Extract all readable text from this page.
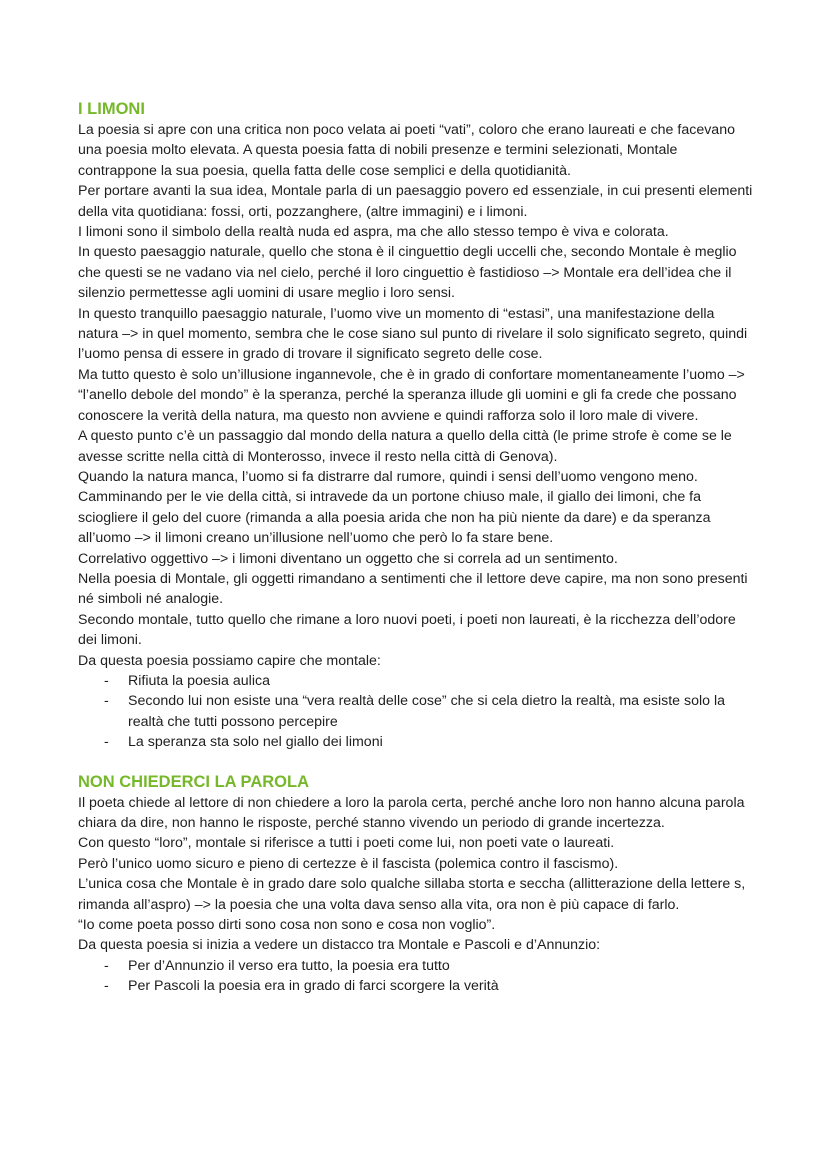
I LIMONI

La poesia si apre con una critica non poco velata ai poeti “vati”, coloro che erano laureati e che facevano una poesia molto elevata. A questa poesia fatta di nobili presenze e termini selezionati, Montale contrappone la sua poesia, quella fatta delle cose semplici e della quotidianità.

Per portare avanti la sua idea, Montale parla di un paesaggio povero ed essenziale, in cui presenti elementi della vita quotidiana: fossi, orti, pozzanghere, (altre immagini) e i limoni.

I limoni sono il simbolo della realtà nuda ed aspra, ma che allo stesso tempo è viva e colorata.

In questo paesaggio naturale, quello che stona è il cinguettio degli uccelli che, secondo Montale è meglio che questi se ne vadano via nel cielo, perché il loro cinguettio è fastidioso –> Montale era dell’idea che il silenzio permettesse agli uomini di usare meglio i loro sensi.

In questo tranquillo paesaggio naturale, l’uomo vive un momento di “estasi”, una manifestazione della natura –> in quel momento, sembra che le cose siano sul punto di rivelare il solo significato segreto, quindi l’uomo pensa di essere in grado di trovare il significato segreto delle cose.

Ma tutto questo è solo un’illusione ingannevole, che è in grado di confortare momentaneamente l’uomo –> “l’anello debole del mondo” è la speranza, perché la speranza illude gli uomini e gli fa crede che possano conoscere la verità della natura, ma questo non avviene e quindi rafforza solo il loro male di vivere.

A questo punto c’è un passaggio dal mondo della natura a quello della città (le prime strofe è come se le avesse scritte nella città di Monterosso, invece il resto nella città di Genova).

Quando la natura manca, l’uomo si fa distrarre dal rumore, quindi i sensi dell’uomo vengono meno.

Camminando per le vie della città, si intravede da un portone chiuso male, il giallo dei limoni, che fa sciogliere il gelo del cuore (rimanda a alla poesia arida che non ha più niente da dare) e da speranza all’uomo –> il limoni creano un’illusione nell’uomo che però lo fa stare bene.

Correlativo oggettivo –> i limoni diventano un oggetto che si correla ad un sentimento.

Nella poesia di Montale, gli oggetti rimandano a sentimenti che il lettore deve capire, ma non sono presenti né simboli né analogie.

Secondo montale, tutto quello che rimane a loro nuovi poeti, i poeti non laureati, è la ricchezza dell’odore dei limoni.

Da questa poesia possiamo capire che montale:

- Rifiuta la poesia aulica
- Secondo lui non esiste una “vera realtà delle cose” che si cela dietro la realtà, ma esiste solo la realtà che tutti possono percepire
- La speranza sta solo nel giallo dei limoni
NON CHIEDERCI LA PAROLA

Il poeta chiede al lettore di non chiedere a loro la parola certa, perché anche loro non hanno alcuna parola chiara da dire, non hanno le risposte, perché stanno vivendo un periodo di grande incertezza.

Con questo “loro”, montale si riferisce a tutti i poeti come lui, non poeti vate o laureati.

Però l’unico uomo sicuro e pieno di certezze è il fascista (polemica contro il fascismo).

L’unica cosa che Montale è in grado dare solo qualche sillaba storta e seccha (allitterazione della lettere s, rimanda all’aspro) –> la poesia che una volta dava senso alla vita, ora non è più capace di farlo.

“Io come poeta posso dirti sono cosa non sono e cosa non voglio”.

Da questa poesia si inizia a vedere un distacco tra Montale e Pascoli e d’Annunzio:

- Per d’Annunzio il verso era tutto, la poesia era tutto
- Per Pascoli la poesia era in grado di farci scorgere la verità
